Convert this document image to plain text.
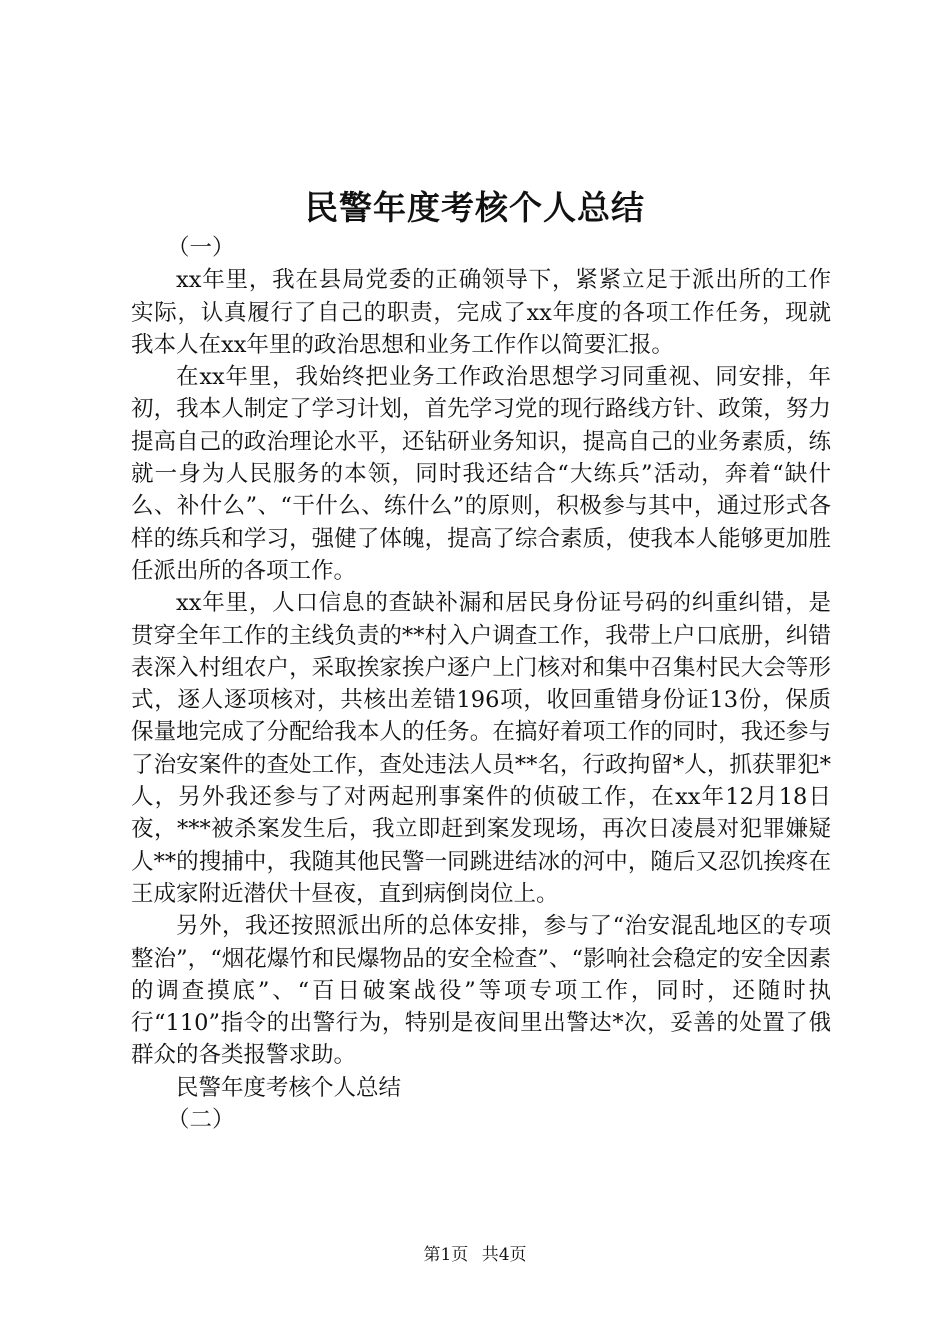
民警年度考核个人总结

（一）

xx年里，我在县局党委的正确领导下，紧紧立足于派出所的工作实际，认真履行了自己的职责，完成了xx年度的各项工作任务，现就我本人在xx年里的政治思想和业务工作作以简要汇报。

在xx年里，我始终把业务工作政治思想学习同重视、同安排，年初，我本人制定了学习计划，首先学习党的现行路线方针、政策，努力提高自己的政治理论水平，还钻研业务知识，提高自己的业务素质，练就一身为人民服务的本领，同时我还结合“大练兵”活动，奔着“缺什么、补什么”、“干什么、练什么”的原则，积极参与其中，通过形式各样的练兵和学习，强健了体魄，提高了综合素质，使我本人能够更加胜任派出所的各项工作。

xx年里，人口信息的查缺补漏和居民身份证号码的纠重纠错，是贯穿全年工作的主线负责的**村入户调查工作，我带上户口底册，纠错表深入村组农户，采取挨家挨户逐户上门核对和集中召集村民大会等形式，逐人逐项核对，共核出差错196项，收回重错身份证13份，保质保量地完成了分配给我本人的任务。在搞好着项工作的同时，我还参与了治安案件的查处工作，查处违法人员**名，行政拘留*人，抓获罪犯*人，另外我还参与了对两起刑事案件的侦破工作，在xx年12月18日夜，***被杀案发生后，我立即赶到案发现场，再次日凌晨对犯罪嫌疑人**的搜捕中，我随其他民警一同跳进结冰的河中，随后又忍饥挨疼在王成家附近潜伏十昼夜，直到病倒岗位上。

另外，我还按照派出所的总体安排，参与了“治安混乱地区的专项整治”，“烟花爆竹和民爆物品的安全检查”、“影响社会稳定的安全因素的调查摸底”、“百日破案战役”等项专项工作，同时，还随时执行“110”指令的出警行为，特别是夜间里出警达*次，妥善的处置了俄群众的各类报警求助。

民警年度考核个人总结

（二）

第1页 共4页
